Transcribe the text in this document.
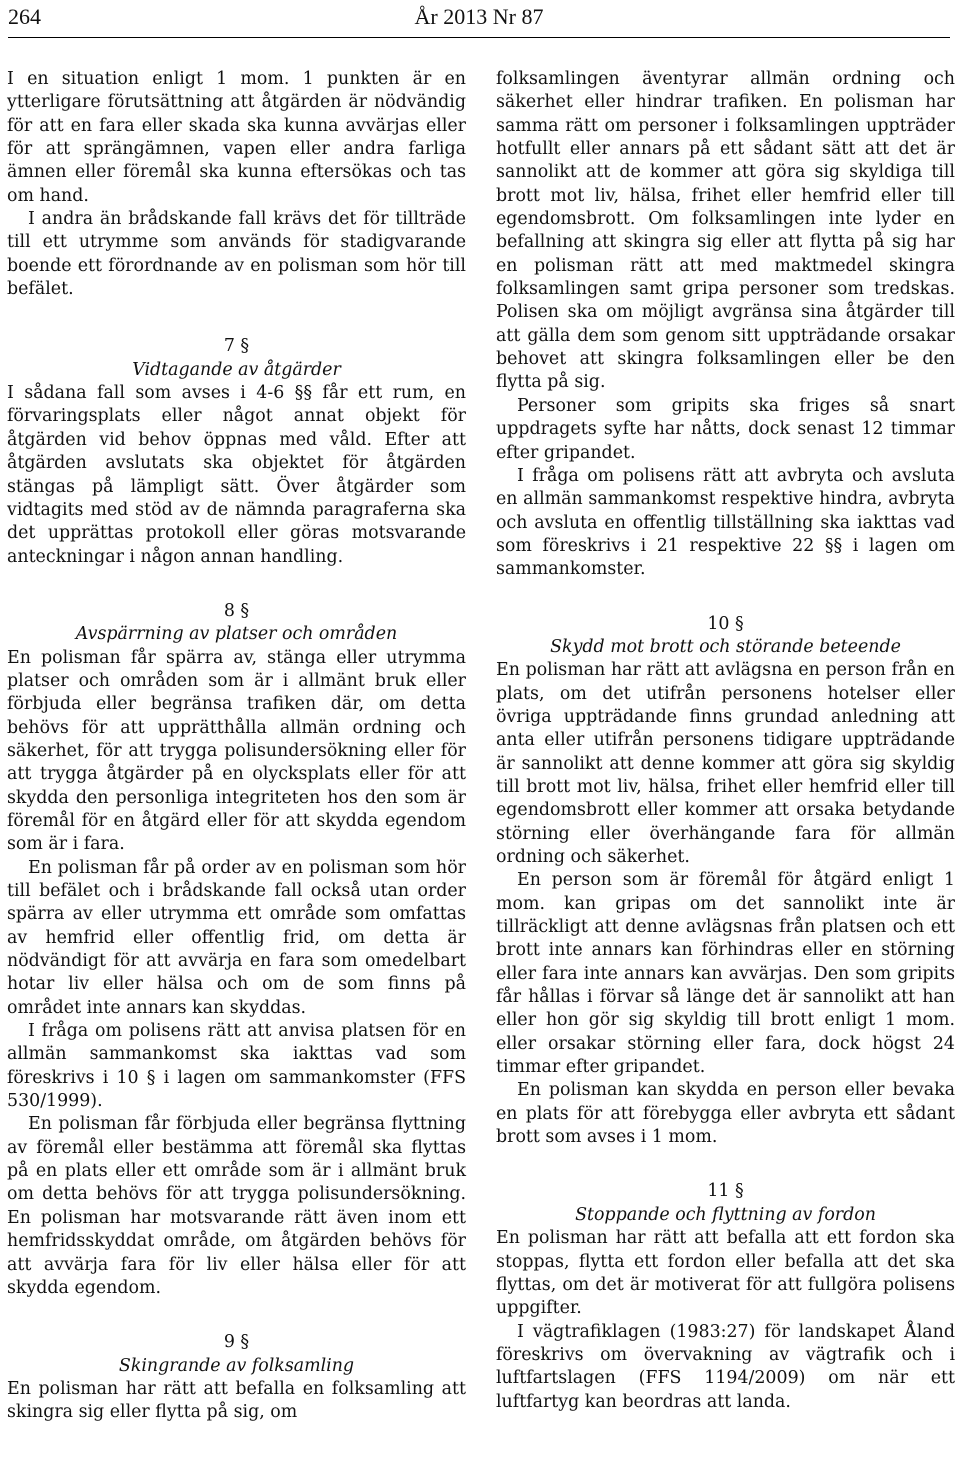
264	År 2013 Nr 87

I en situation enligt 1 mom. 1 punkten är en ytterligare förutsättning att åtgärden är nödvändig för att en fara eller skada ska kunna avvärjas eller för att sprängämnen, vapen eller andra farliga ämnen eller föremål ska kunna eftersökas och tas om hand.

I andra än brådskande fall krävs det för tillträde till ett utrymme som används för stadigvarande boende ett förordnande av en polisman som hör till befälet.

7 §
Vidtagande av åtgärder

I sådana fall som avses i 4-6 §§ får ett rum, en förvaringsplats eller något annat objekt för åtgärden vid behov öppnas med våld. Efter att åtgärden avslutats ska objektet för åtgärden stängas på lämpligt sätt. Över åtgärder som vidtagits med stöd av de nämnda paragraferna ska det upprättas protokoll eller göras motsvarande anteckningar i någon annan handling.

8 §
Avspärrning av platser och områden

En polisman får spärra av, stänga eller utrymma platser och områden som är i allmänt bruk eller förbjuda eller begränsa trafiken där, om detta behövs för att upprätthålla allmän ordning och säkerhet, för att trygga polisundersökning eller för att trygga åtgärder på en olycksplats eller för att skydda den personliga integriteten hos den som är föremål för en åtgärd eller för att skydda egendom som är i fara.

En polisman får på order av en polisman som hör till befälet och i brådskande fall också utan order spärra av eller utrymma ett område som omfattas av hemfrid eller offentlig frid, om detta är nödvändigt för att avvärja en fara som omedelbart hotar liv eller hälsa och om de som finns på området inte annars kan skyddas.

I fråga om polisens rätt att anvisa platsen för en allmän sammankomst ska iakttas vad som föreskrivs i 10 § i lagen om sammankomster (FFS 530/1999).

En polisman får förbjuda eller begränsa flyttning av föremål eller bestämma att föremål ska flyttas på en plats eller ett område som är i allmänt bruk om detta behövs för att trygga polisundersökning. En polisman har motsvarande rätt även inom ett hemfridsskyddat område, om åtgärden behövs för att avvärja fara för liv eller hälsa eller för att skydda egendom.

9 §
Skingrande av folksamling

En polisman har rätt att befalla en folksamling att skingra sig eller flytta på sig, om

folksamlingen äventyrar allmän ordning och säkerhet eller hindrar trafiken. En polisman har samma rätt om personer i folksamlingen uppträder hotfullt eller annars på ett sådant sätt att det är sannolikt att de kommer att göra sig skyldiga till brott mot liv, hälsa, frihet eller hemfrid eller till egendomsbrott. Om folksamlingen inte lyder en befallning att skingra sig eller att flytta på sig har en polisman rätt att med maktmedel skingra folksamlingen samt gripa personer som tredskas. Polisen ska om möjligt avgränsa sina åtgärder till att gälla dem som genom sitt uppträdande orsakar behovet att skingra folksamlingen eller be den flytta på sig.

Personer som gripits ska friges så snart uppdragets syfte har nåtts, dock senast 12 timmar efter gripandet.

I fråga om polisens rätt att avbryta och avsluta en allmän sammankomst respektive hindra, avbryta och avsluta en offentlig tillställning ska iakttas vad som föreskrivs i 21 respektive 22 §§ i lagen om sammankomster.

10 §
Skydd mot brott och störande beteende

En polisman har rätt att avlägsna en person från en plats, om det utifrån personens hotelser eller övriga uppträdande finns grundad anledning att anta eller utifrån personens tidigare uppträdande är sannolikt att denne kommer att göra sig skyldig till brott mot liv, hälsa, frihet eller hemfrid eller till egendomsbrott eller kommer att orsaka betydande störning eller överhängande fara för allmän ordning och säkerhet.

En person som är föremål för åtgärd enligt 1 mom. kan gripas om det sannolikt inte är tillräckligt att denne avlägsnas från platsen och ett brott inte annars kan förhindras eller en störning eller fara inte annars kan avvärjas. Den som gripits får hållas i förvar så länge det är sannolikt att han eller hon gör sig skyldig till brott enligt 1 mom. eller orsakar störning eller fara, dock högst 24 timmar efter gripandet.

En polisman kan skydda en person eller bevaka en plats för att förebygga eller avbryta ett sådant brott som avses i 1 mom.

11 §
Stoppande och flyttning av fordon

En polisman har rätt att befalla att ett fordon ska stoppas, flytta ett fordon eller befalla att det ska flyttas, om det är motiverat för att fullgöra polisens uppgifter.

I vägtrafiklagen (1983:27) för landskapet Åland föreskrivs om övervakning av vägtrafik och i luftfartslagen (FFS 1194/2009) om när ett luftfartyg kan beordras att landa.
